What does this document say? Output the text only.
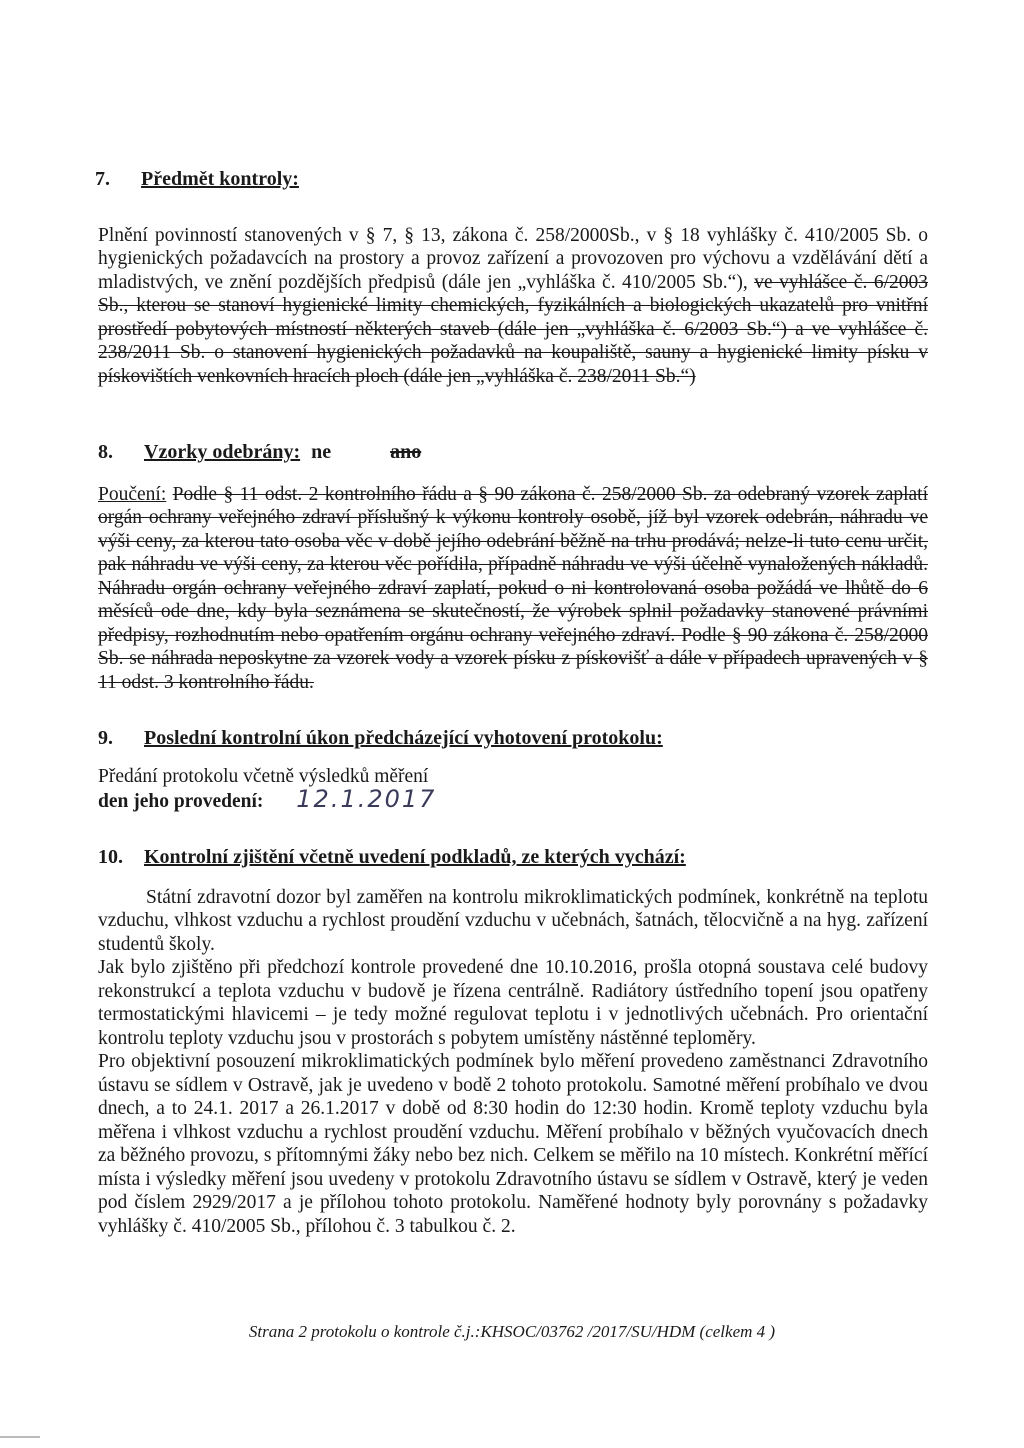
7. Předmět kontroly:

Plnění povinností stanovených v § 7, § 13, zákona č. 258/2000Sb., v § 18 vyhlášky č. 410/2005 Sb. o hygienických požadavcích na prostory a provoz zařízení a provozoven pro výchovu a vzdělávání dětí a mladistvých, ve znění pozdějších předpisů (dále jen „vyhláška č. 410/2005 Sb.“), ve vyhlášce č. 6/2003 Sb., kterou se stanoví hygienické limity chemických, fyzikálních a biologických ukazatelů pro vnitřní prostředí pobytových místností některých staveb (dále jen „vyhláška č. 6/2003 Sb.“) a ve vyhlášce č. 238/2011 Sb. o stanovení hygienických požadavků na koupaliště, sauny a hygienické limity písku v pískovištích venkovních hracích ploch (dále jen „vyhláška č. 238/2011 Sb.“)

8. Vzorky odebrány: ne	ano

Poučení: Podle § 11 odst. 2 kontrolního řádu a § 90 zákona č. 258/2000 Sb. za odebraný vzorek zaplatí orgán ochrany veřejného zdraví příslušný k výkonu kontroly osobě, jíž byl vzorek odebrán, náhradu ve výši ceny, za kterou tato osoba věc v době jejího odebrání běžně na trhu prodává; nelze-li tuto cenu určit, pak náhradu ve výši ceny, za kterou věc pořídila, případně náhradu ve výši účelně vynaložených nákladů. Náhradu orgán ochrany veřejného zdraví zaplatí, pokud o ni kontrolovaná osoba požádá ve lhůtě do 6 měsíců ode dne, kdy byla seznámena se skutečností, že výrobek splnil požadavky stanovené právními předpisy, rozhodnutím nebo opatřením orgánu ochrany veřejného zdraví. Podle § 90 zákona č. 258/2000 Sb. se náhrada neposkytne za vzorek vody a vzorek písku z pískovišť a dále v případech upravených v § 11 odst. 3 kontrolního řádu.

9. Poslední kontrolní úkon předcházející vyhotovení protokolu:

Předání protokolu včetně výsledků měření

den jeho provedení: 12.1.2017

10. Kontrolní zjištění včetně uvedení podkladů, ze kterých vychází:

Státní zdravotní dozor byl zaměřen na kontrolu mikroklimatických podmínek, konkrétně na teplotu vzduchu, vlhkost vzduchu a rychlost proudění vzduchu v učebnách, šatnách, tělocvičně a na hyg. zařízení studentů školy.

Jak bylo zjištěno při předchozí kontrole provedené dne 10.10.2016, prošla otopná soustava celé budovy rekonstrukcí a teplota vzduchu v budově je řízena centrálně. Radiátory ústředního topení jsou opatřeny termostatickými hlavicemi – je tedy možné regulovat teplotu i v jednotlivých učebnách. Pro orientační kontrolu teploty vzduchu jsou v prostorách s pobytem umístěny nástěnné teploměry.

Pro objektivní posouzení mikroklimatických podmínek bylo měření provedeno zaměstnanci Zdravotního ústavu se sídlem v Ostravě, jak je uvedeno v bodě 2 tohoto protokolu. Samotné měření probíhalo ve dvou dnech, a to 24.1. 2017 a 26.1.2017 v době od 8:30 hodin do 12:30 hodin. Kromě teploty vzduchu byla měřena i vlhkost vzduchu a rychlost proudění vzduchu. Měření probíhalo v běžných vyučovacích dnech za běžného provozu, s přítomnými žáky nebo bez nich. Celkem se měřilo na 10 místech. Konkrétní měřící místa i výsledky měření jsou uvedeny v protokolu Zdravotního ústavu se sídlem v Ostravě, který je veden pod číslem 2929/2017 a je přílohou tohoto protokolu. Naměřené hodnoty byly porovnány s požadavky vyhlášky č. 410/2005 Sb., přílohou č. 3 tabulkou č. 2.

Strana 2 protokolu o kontrole č.j.:KHSOC/03762 /2017/SU/HDM (celkem 4 )
